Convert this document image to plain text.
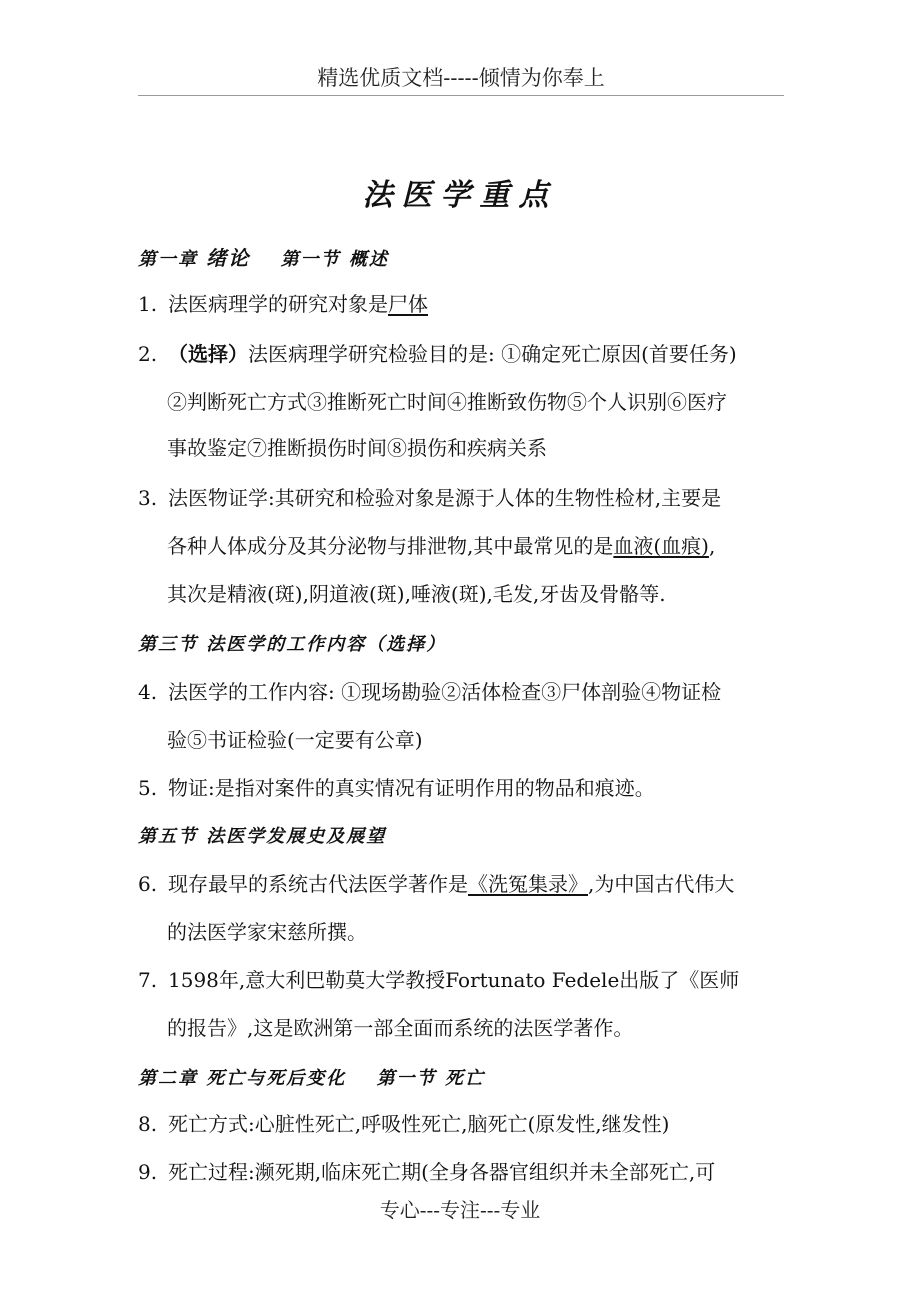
精选优质文档-----倾情为你奉上
法医学重点
第一章 绪论 第一节 概述
1. 法医病理学的研究对象是尸体
2. （选择）法医病理学研究检验目的是: ①确定死亡原因(首要任务)
②判断死亡方式③推断死亡时间④推断致伤物⑤个人识别⑥医疗
事故鉴定⑦推断损伤时间⑧损伤和疾病关系
3. 法医物证学:其研究和检验对象是源于人体的生物性检材,主要是
各种人体成分及其分泌物与排泄物,其中最常见的是血液(血痕),
其次是精液(斑),阴道液(斑),唾液(斑),毛发,牙齿及骨骼等.
第三节 法医学的工作内容（选择）
4. 法医学的工作内容: ①现场勘验②活体检查③尸体剖验④物证检
验⑤书证检验(一定要有公章)
5. 物证:是指对案件的真实情况有证明作用的物品和痕迹。
第五节 法医学发展史及展望
6. 现存最早的系统古代法医学著作是《洗冤集录》,为中国古代伟大
的法医学家宋慈所撰。
7. 1598年,意大利巴勒莫大学教授Fortunato Fedele出版了《医师
的报告》,这是欧洲第一部全面而系统的法医学著作。
第二章 死亡与死后变化 第一节 死亡
8. 死亡方式:心脏性死亡,呼吸性死亡,脑死亡(原发性,继发性)
9. 死亡过程:濒死期,临床死亡期(全身各器官组织并未全部死亡,可
专心---专注---专业
